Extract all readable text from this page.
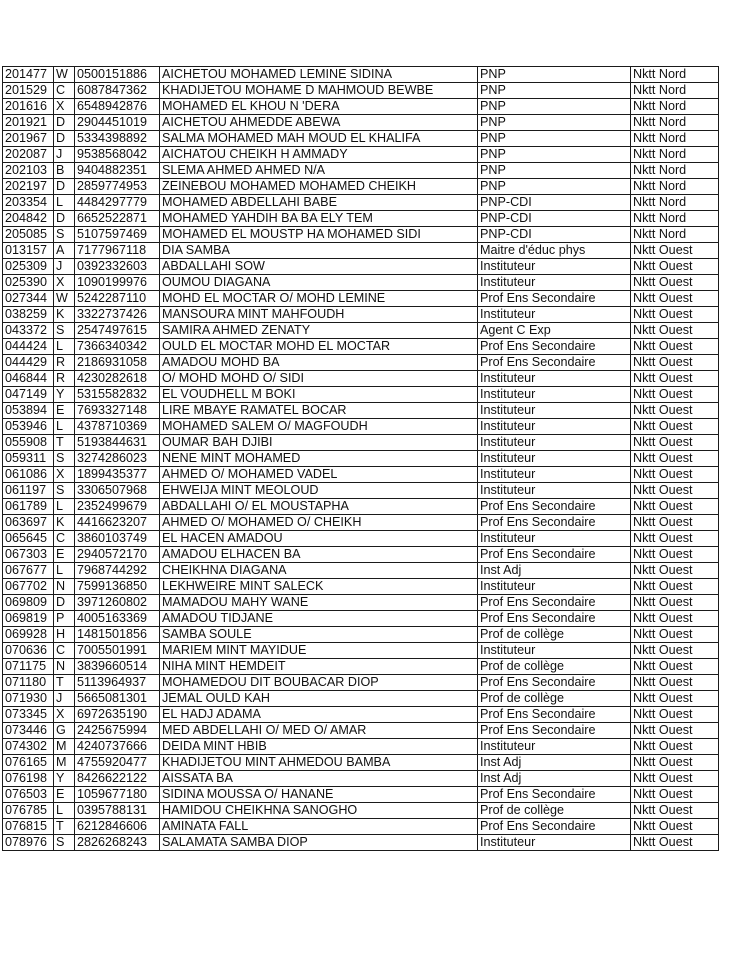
201477	W	0500151886	AICHETOU MOHAMED LEMINE SIDINA	PNP	Nktt Nord
201529	C	6087847362	KHADIJETOU MOHAME D MAHMOUD BEWBE	PNP	Nktt Nord
201616	X	6548942876	MOHAMED EL KHOU N 'DERA	PNP	Nktt Nord
201921	D	2904451019	AICHETOU AHMEDDE ABEWA	PNP	Nktt Nord
201967	D	5334398892	SALMA MOHAMED MAH MOUD EL KHALIFA	PNP	Nktt Nord
202087	J	9538568042	AICHATOU CHEIKH H AMMADY	PNP	Nktt Nord
202103	B	9404882351	SLEMA AHMED AHMED N/A	PNP	Nktt Nord
202197	D	2859774953	ZEINEBOU MOHAMED MOHAMED CHEIKH	PNP	Nktt Nord
203354	L	4484297779	MOHAMED ABDELLAHI BABE	PNP-CDI	Nktt Nord
204842	D	6652522871	MOHAMED YAHDIH BA BA ELY TEM	PNP-CDI	Nktt Nord
205085	S	5107597469	MOHAMED EL MOUSTP HA MOHAMED SIDI	PNP-CDI	Nktt Nord
013157	A	7177967118	DIA SAMBA	Maitre d'éduc phys	Nktt Ouest
025309	J	0392332603	ABDALLAHI SOW	Instituteur	Nktt Ouest
025390	X	1090199976	OUMOU DIAGANA	Instituteur	Nktt Ouest
027344	W	5242287110	MOHD EL MOCTAR O/ MOHD LEMINE	Prof Ens Secondaire	Nktt Ouest
038259	K	3322737426	MANSOURA MINT MAHFOUDH	Instituteur	Nktt Ouest
043372	S	2547497615	SAMIRA AHMED ZENATY	Agent C Exp	Nktt Ouest
044424	L	7366340342	OULD EL MOCTAR MOHD EL MOCTAR	Prof Ens Secondaire	Nktt Ouest
044429	R	2186931058	AMADOU MOHD BA	Prof Ens Secondaire	Nktt Ouest
046844	R	4230282618	O/ MOHD MOHD O/ SIDI	Instituteur	Nktt Ouest
047149	Y	5315582832	EL VOUDHELL M BOKI	Instituteur	Nktt Ouest
053894	E	7693327148	LIRE MBAYE RAMATEL BOCAR	Instituteur	Nktt Ouest
053946	L	4378710369	MOHAMED SALEM O/ MAGFOUDH	Instituteur	Nktt Ouest
055908	T	5193844631	OUMAR BAH DJIBI	Instituteur	Nktt Ouest
059311	S	3274286023	NENE MINT MOHAMED	Instituteur	Nktt Ouest
061086	X	1899435377	AHMED O/ MOHAMED VADEL	Instituteur	Nktt Ouest
061197	S	3306507968	EHWEIJA MINT MEOLOUD	Instituteur	Nktt Ouest
061789	L	2352499679	ABDALLAHI O/ EL MOUSTAPHA	Prof Ens Secondaire	Nktt Ouest
063697	K	4416623207	AHMED O/ MOHAMED O/ CHEIKH	Prof Ens Secondaire	Nktt Ouest
065645	C	3860103749	EL HACEN AMADOU	Instituteur	Nktt Ouest
067303	E	2940572170	AMADOU ELHACEN BA	Prof Ens Secondaire	Nktt Ouest
067677	L	7968744292	CHEIKHNA DIAGANA	Inst Adj	Nktt Ouest
067702	N	7599136850	LEKHWEIRE MINT SALECK	Instituteur	Nktt Ouest
069809	D	3971260802	MAMADOU MAHY WANE	Prof Ens Secondaire	Nktt Ouest
069819	P	4005163369	AMADOU TIDJANE	Prof Ens Secondaire	Nktt Ouest
069928	H	1481501856	SAMBA SOULE	Prof de collège	Nktt Ouest
070636	C	7005501991	MARIEM MINT MAYIDUE	Instituteur	Nktt Ouest
071175	N	3839660514	NIHA MINT HEMDEIT	Prof de collège	Nktt Ouest
071180	T	5113964937	MOHAMEDOU DIT BOUBACAR DIOP	Prof Ens Secondaire	Nktt Ouest
071930	J	5665081301	JEMAL OULD KAH	Prof de collège	Nktt Ouest
073345	X	6972635190	EL HADJ ADAMA	Prof Ens Secondaire	Nktt Ouest
073446	G	2425675994	MED ABDELLAHI O/ MED O/ AMAR	Prof Ens Secondaire	Nktt Ouest
074302	M	4240737666	DEIDA MINT HBIB	Instituteur	Nktt Ouest
076165	M	4755920477	KHADIJETOU MINT AHMEDOU BAMBA	Inst Adj	Nktt Ouest
076198	Y	8426622122	AISSATA BA	Inst Adj	Nktt Ouest
076503	E	1059677180	SIDINA MOUSSA O/ HANANE	Prof Ens Secondaire	Nktt Ouest
076785	L	0395788131	HAMIDOU CHEIKHNA SANOGHO	Prof de collège	Nktt Ouest
076815	T	6212846606	AMINATA FALL	Prof Ens Secondaire	Nktt Ouest
078976	S	2826268243	SALAMATA SAMBA DIOP	Instituteur	Nktt Ouest
